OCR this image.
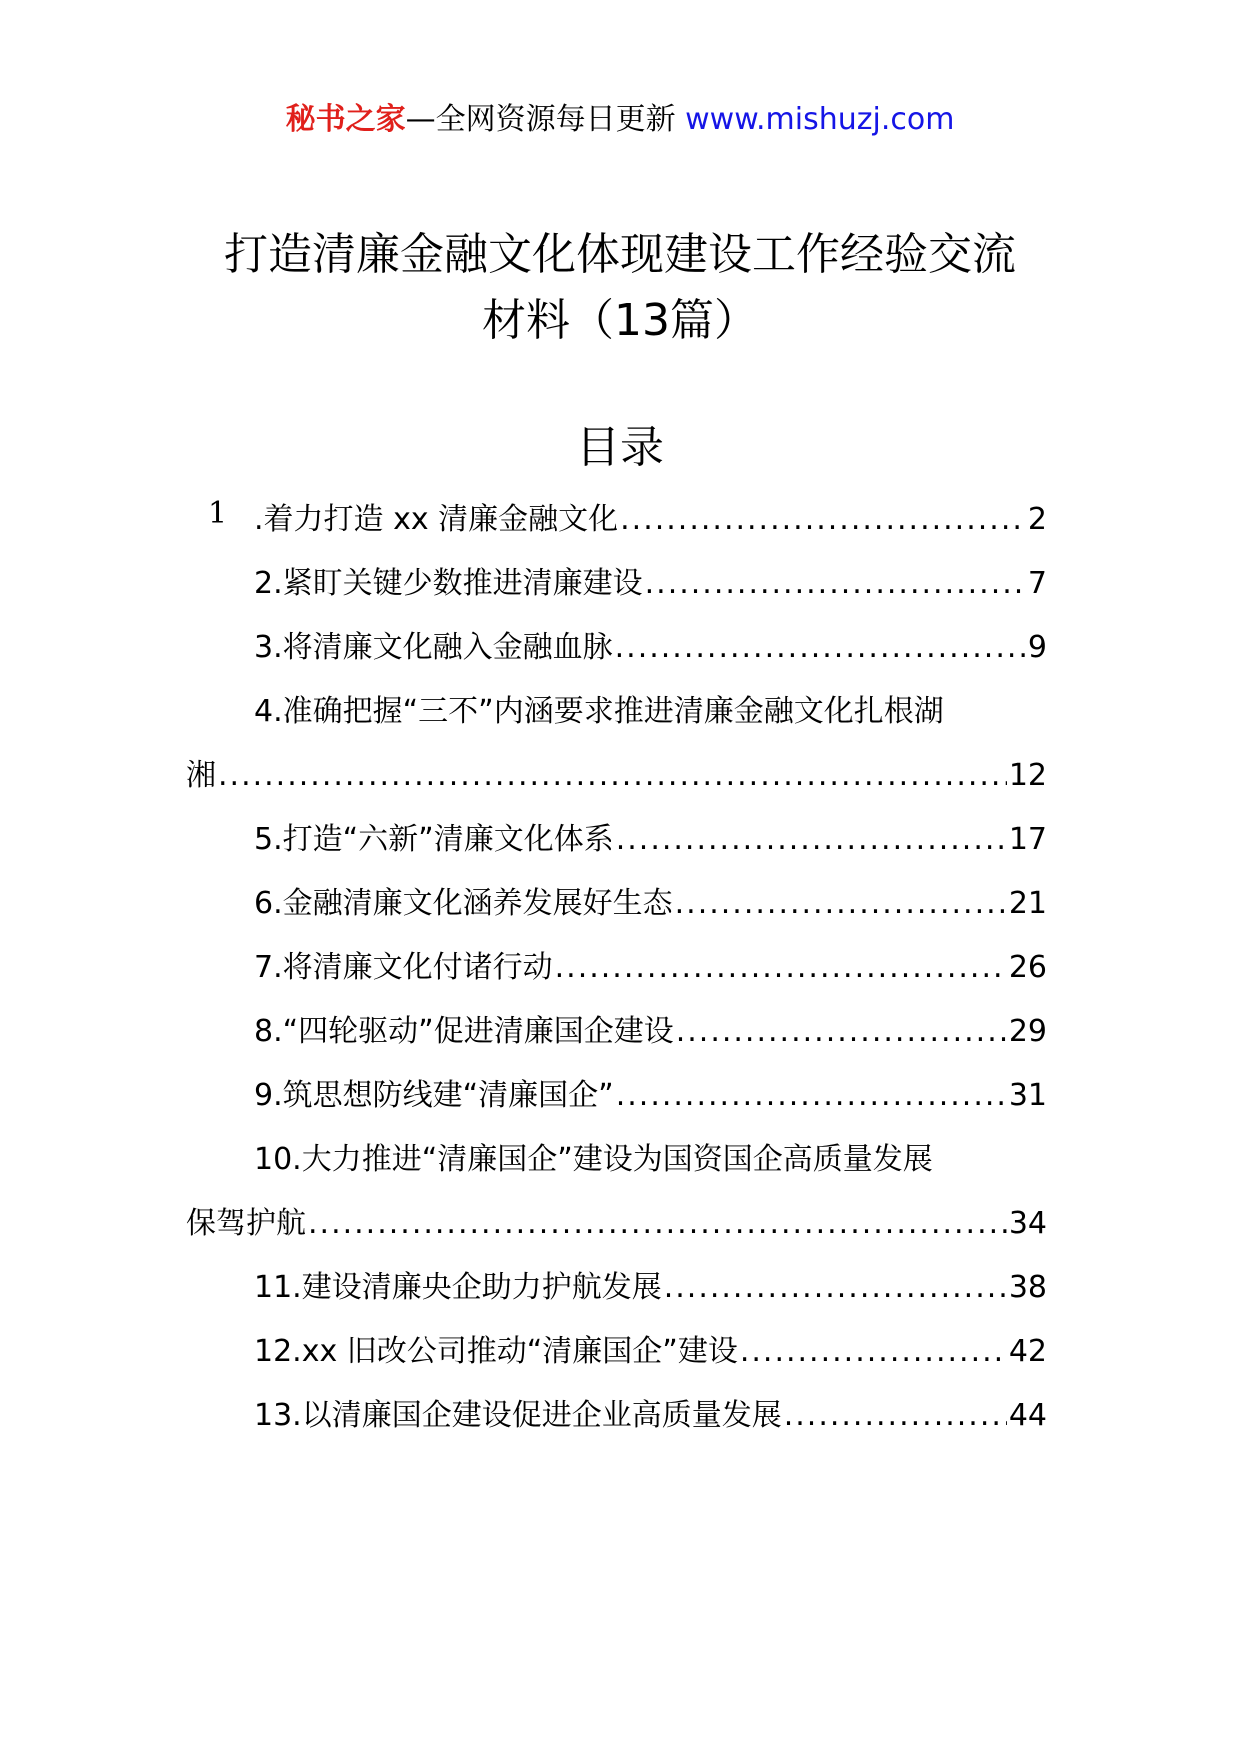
秘书之家—全网资源每日更新 www.mishuzj.com
打造清廉金融文化体现建设工作经验交流
材料（13篇）
目录
1 .着力打造 xx 清廉金融文化 .....	2
2.紧盯关键少数推进清廉建设 .....	7
3.将清廉文化融入金融血脉 .....	9
4.准确把握“三不”内涵要求推进清廉金融文化扎根湖
湘 .....	12
5.打造“六新”清廉文化体系 .....	17
6.金融清廉文化涵养发展好生态 .....	21
7.将清廉文化付诸行动 .....	26
8.“四轮驱动”促进清廉国企建设 .....	29
9.筑思想防线建“清廉国企” .....	31
10.大力推进“清廉国企”建设为国资国企高质量发展
保驾护航 .....	34
11.建设清廉央企助力护航发展 .....	38
12.xx 旧改公司推动“清廉国企”建设 .....	42
13.以清廉国企建设促进企业高质量发展 .....	44
